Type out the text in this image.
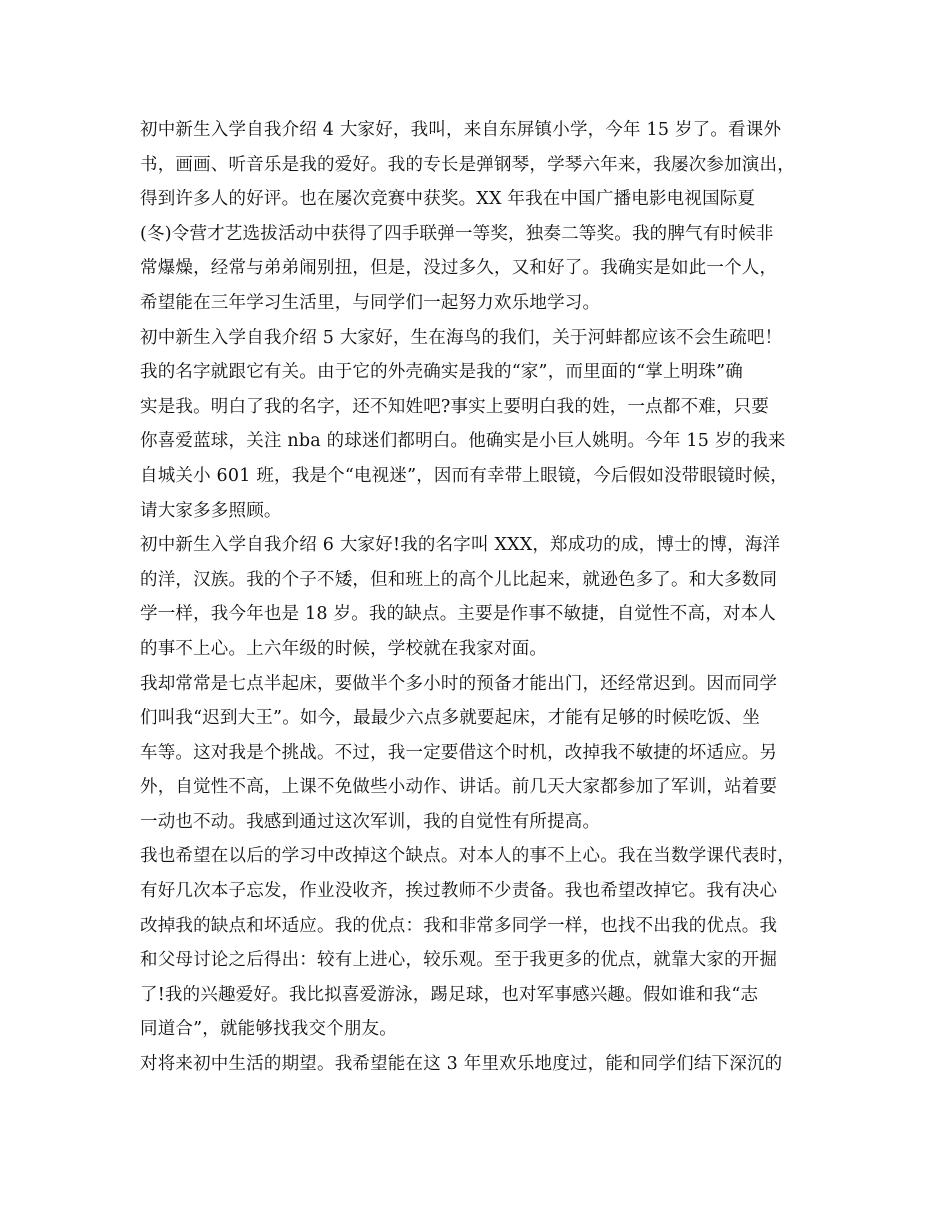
初中新生入学自我介绍 4 大家好，我叫，来自东屏镇小学，今年 15 岁了。看课外
书，画画、听音乐是我的爱好。我的专长是弹钢琴，学琴六年来，我屡次参加演出，
得到许多人的好评。也在屡次竞赛中获奖。XX 年我在中国广播电影电视国际夏
(冬)令营才艺选拔活动中获得了四手联弹一等奖，独奏二等奖。我的脾气有时候非
常爆燥，经常与弟弟闹别扭，但是，没过多久，又和好了。我确实是如此一个人，
希望能在三年学习生活里，与同学们一起努力欢乐地学习。
初中新生入学自我介绍 5 大家好，生在海鸟的我们，关于河蚌都应该不会生疏吧！
我的名字就跟它有关。由于它的外壳确实是我的“家”，而里面的“掌上明珠”确
实是我。明白了我的名字，还不知姓吧?事实上要明白我的姓，一点都不难，只要
你喜爱蓝球，关注 nba 的球迷们都明白。他确实是小巨人姚明。今年 15 岁的我来
自城关小 601 班，我是个“电视迷”，因而有幸带上眼镜，今后假如没带眼镜时候，
请大家多多照顾。
初中新生入学自我介绍 6 大家好!我的名字叫 XXX，郑成功的成，博士的博，海洋
的洋，汉族。我的个子不矮，但和班上的高个儿比起来，就逊色多了。和大多数同
学一样，我今年也是 18 岁。我的缺点。主要是作事不敏捷，自觉性不高，对本人
的事不上心。上六年级的时候，学校就在我家对面。
我却常常是七点半起床，要做半个多小时的预备才能出门，还经常迟到。因而同学
们叫我“迟到大王”。如今，最最少六点多就要起床，才能有足够的时候吃饭、坐
车等。这对我是个挑战。不过，我一定要借这个时机，改掉我不敏捷的坏适应。另
外，自觉性不高，上课不免做些小动作、讲话。前几天大家都参加了军训，站着要
一动也不动。我感到通过这次军训，我的自觉性有所提高。
我也希望在以后的学习中改掉这个缺点。对本人的事不上心。我在当数学课代表时，
有好几次本子忘发，作业没收齐，挨过教师不少责备。我也希望改掉它。我有决心
改掉我的缺点和坏适应。我的优点：我和非常多同学一样，也找不出我的优点。我
和父母讨论之后得出：较有上进心，较乐观。至于我更多的优点，就靠大家的开掘
了!我的兴趣爱好。我比拟喜爱游泳，踢足球，也对军事感兴趣。假如谁和我“志
同道合”，就能够找我交个朋友。
对将来初中生活的期望。我希望能在这 3 年里欢乐地度过，能和同学们结下深沉的
